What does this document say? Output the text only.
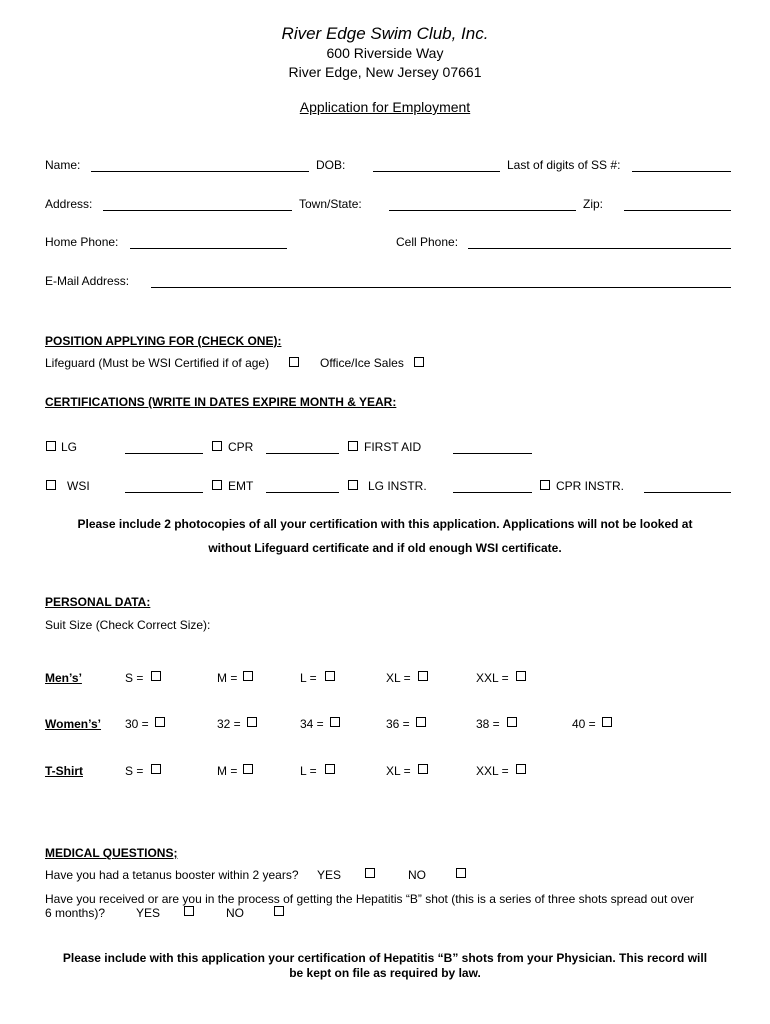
River Edge Swim Club, Inc.
600 Riverside Way
River Edge, New Jersey 07661
Application for Employment
Name:	DOB:	Last of digits of SS #:
Address:	Town/State:	Zip:
Home Phone:	Cell Phone:
E-Mail Address:
POSITION APPLYING FOR (CHECK ONE):
Lifeguard (Must be WSI Certified if of age)	Office/Ice Sales
CERTIFICATIONS (WRITE IN DATES EXPIRE MONTH & YEAR:
LG	CPR	FIRST AID
WSI	EMT	LG INSTR.	CPR INSTR.
Please include 2 photocopies of all your certification with this application. Applications will not be looked at
without Lifeguard certificate and if old enough WSI certificate.
PERSONAL DATA:
Suit Size (Check Correct Size):
Men’s’	S =	M =	L =	XL =	XXL =
Women’s’ 30 =	32 =	34 =	36 =	38 =	40 =
T-Shirt	S =	M =	L =	XL =	XXL =
MEDICAL QUESTIONS;
Have you had a tetanus booster within 2 years? YES	NO
Have you received or are you in the process of getting the Hepatitis “B” shot (this is a series of three shots spread out over
6 months)?	YES	NO
Please include with this application your certification of Hepatitis “B” shots from your Physician. This record will
be kept on file as required by law.
